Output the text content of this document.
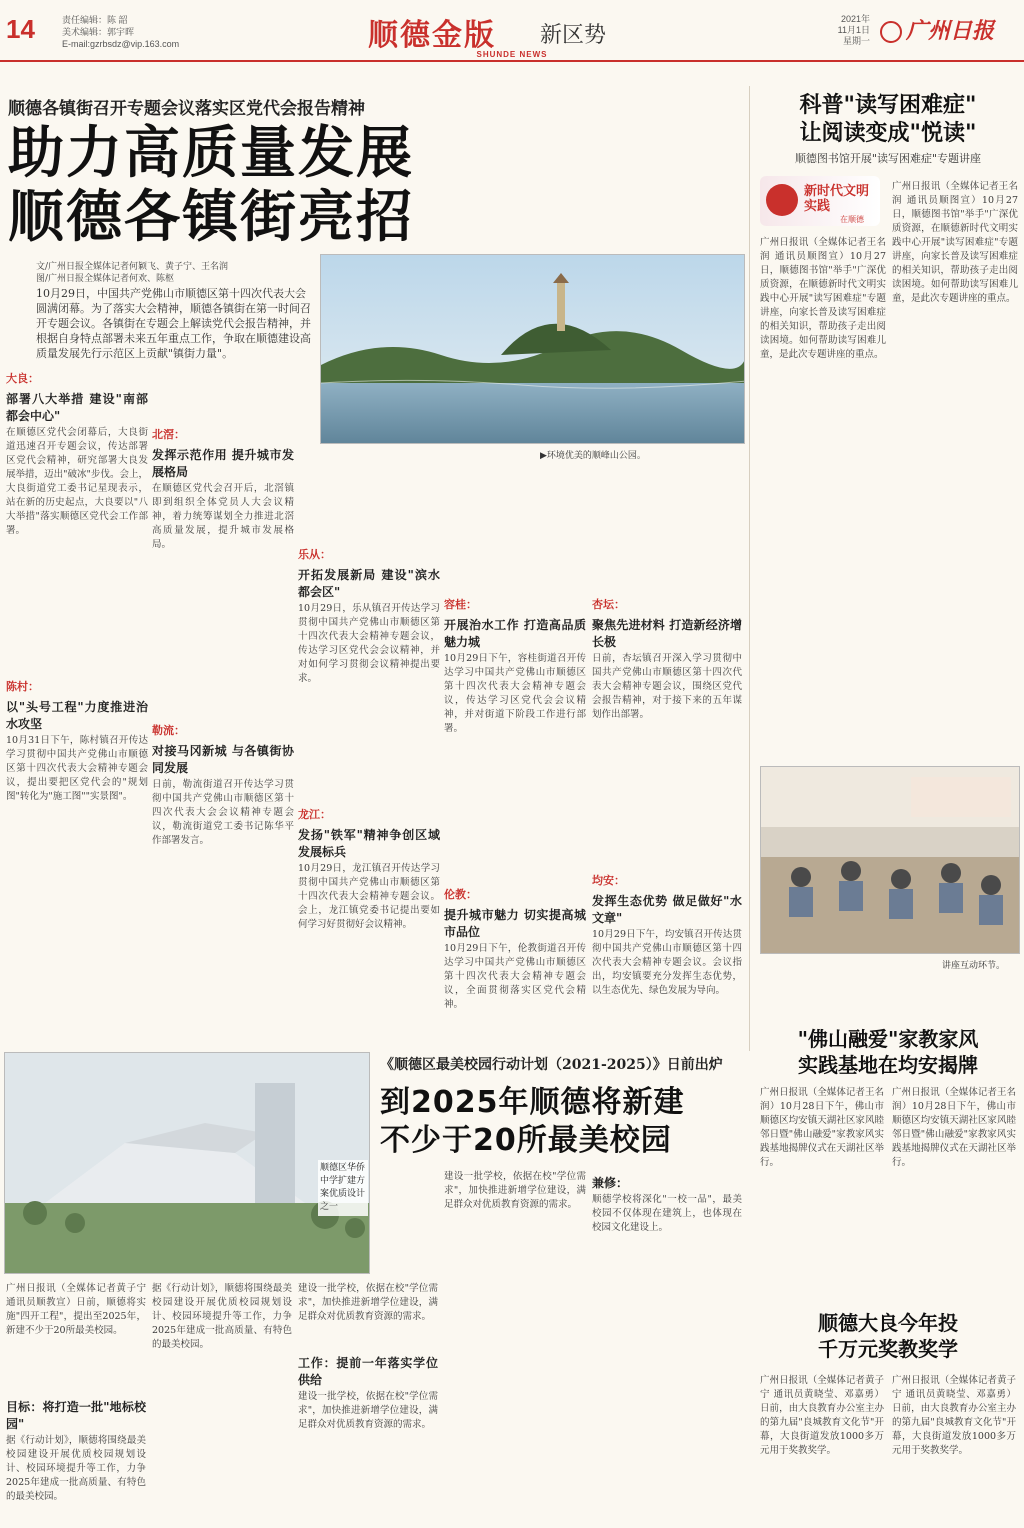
14	责任编辑：陈 韶
美术编辑：郭宇晖
E-mail:gzrbsdz@vip.163.com	顺德金版 新区势
2021年
11月1日
星期一	广州日报
SHUNDE NEWS
顺德各镇街召开专题会议落实区党代会报告精神
助力高质量发展
顺德各镇街亮招
文/广州日报全媒体记者何颖飞、黄子宁、王名润
图/广州日报全媒体记者何欢、陈枢
10月29日，中国共产党佛山市顺德区第十四次代表大会圆满闭幕。为了落实大会精神，顺德各镇街在第一时间召开专题会议。各镇街在专题会上解读党代会报告精神，并根据自身特点部署未来五年重点工作，争取在顺德建设高质量发展先行示范区上贡献"镇街力量"。
▶环境优美的顺峰山公园。
大良：
部署八大举措 建设"南部都会中心"
在顺德区党代会闭幕后，大良街道迅速召开专题会议，传达部署区党代会精神，研究部署大良发展举措，迈出"破冰"步伐。会上，大良街道党工委书记星现表示，站在新的历史起点，大良要以"八大举措"落实顺德区党代会工作部署。
陈村：
以"头号工程"力度推进治水攻坚
10月31日下午，陈村镇召开传达学习贯彻中国共产党佛山市顺德区第十四次代表大会精神专题会议，提出要把区党代会的"规划图"转化为"施工图""实景图"。
北滘：
发挥示范作用 提升城市发展格局
在顺德区党代会召开后，北滘镇即到组织全体党员人大会议精神，着力统筹谋划全力推进北滘高质量发展，提升城市发展格局。
勒流：
对接马冈新城 与各镇街协同发展
日前，勒流街道召开传达学习贯彻中国共产党佛山市顺德区第十四次代表大会会议精神专题会议，勒流街道党工委书记陈华平作部署发言。
乐从：
开拓发展新局 建设"滨水都会区"
10月29日，乐从镇召开传达学习贯彻中国共产党佛山市顺德区第十四次代表大会精神专题会议，传达学习区党代会会议精神，并对如何学习贯彻会议精神提出要求。
龙江：
发扬"铁军"精神争创区域发展标兵
10月29日，龙江镇召开传达学习贯彻中国共产党佛山市顺德区第十四次代表大会精神专题会议。会上，龙江镇党委书记提出要如何学习好贯彻好会议精神。
容桂：
开展治水工作 打造高品质魅力城
10月29日下午，容桂街道召开传达学习中国共产党佛山市顺德区第十四次代表大会精神专题会议，传达学习区党代会会议精神，并对街道下阶段工作进行部署。
伦教：
提升城市魅力 切实提高城市品位
10月29日下午，伦教街道召开传达学习中国共产党佛山市顺德区第十四次代表大会精神专题会议，全面贯彻落实区党代会精神。
杏坛：
聚焦先进材料 打造新经济增长极
日前，杏坛镇召开深入学习贯彻中国共产党佛山市顺德区第十四次代表大会精神专题会议，围绕区党代会报告精神，对于接下来的五年谋划作出部署。
均安：
发挥生态优势 做足做好"水文章"
10月29日下午，均安镇召开传达贯彻中国共产党佛山市顺德区第十四次代表大会精神专题会议。会议指出，均安镇要充分发挥生态优势，以生态优先、绿色发展为导向。
科普"读写困难症"
让阅读变成"悦读"
顺德图书馆开展"读写困难症"专题讲座
新时代文明实践
在顺德
广州日报讯（全媒体记者王名润 通讯员顺图宣）10月27日，顺德图书馆"举手"广深优质资源，在顺德新时代文明实践中心开展"读写困难症"专题讲座，向家长普及读写困难症的相关知识，帮助孩子走出阅读困境。如何帮助读写困难儿童，是此次专题讲座的重点。
广州日报讯（全媒体记者王名润 通讯员顺图宣）10月27日，顺德图书馆"举手"广深优质资源，在顺德新时代文明实践中心开展"读写困难症"专题讲座，向家长普及读写困难症的相关知识，帮助孩子走出阅读困境。如何帮助读写困难儿童，是此次专题讲座的重点。
讲座互动环节。
"佛山融爱"家教家风
实践基地在均安揭牌
广州日报讯（全媒体记者王名润）10月28日下午，佛山市顺德区均安镇天湖社区家风睦邻日暨"佛山融爱"家教家风实践基地揭牌仪式在天湖社区举行。
广州日报讯（全媒体记者王名润）10月28日下午，佛山市顺德区均安镇天湖社区家风睦邻日暨"佛山融爱"家教家风实践基地揭牌仪式在天湖社区举行。
顺德大良今年投
千万元奖教奖学
广州日报讯（全媒体记者黄子宁 通讯员黄晓莹、邓嘉勇）日前，由大良教育办公室主办的第九届"良城教育文化节"开幕，大良街道发放1000多万元用于奖教奖学。
广州日报讯（全媒体记者黄子宁 通讯员黄晓莹、邓嘉勇）日前，由大良教育办公室主办的第九届"良城教育文化节"开幕，大良街道发放1000多万元用于奖教奖学。
顺德区华侨中学扩建方案优质设计之一
《顺德区最美校园行动计划（2021-2025）》日前出炉
到2025年顺德将新建
不少于20所最美校园
广州日报讯（全媒体记者黄子宁 通讯员顺教宣）日前，顺德将实施"四开工程"，提出至2025年，新建不少于20所最美校园。
目标：将打造一批"地标校园"
据《行动计划》，顺德将围绕最美校园建设开展优质校园规划设计、校园环境提升等工作，力争2025年建成一批高质量、有特色的最美校园。
据《行动计划》，顺德将围绕最美校园建设开展优质校园规划设计、校园环境提升等工作，力争2025年建成一批高质量、有特色的最美校园。
建设一批学校，依据在校"学位需求"，加快推进新增学位建设，满足群众对优质教育资源的需求。
工作：提前一年落实学位供给
建设一批学校，依据在校"学位需求"，加快推进新增学位建设，满足群众对优质教育资源的需求。
建设一批学校，依据在校"学位需求"，加快推进新增学位建设，满足群众对优质教育资源的需求。
兼修：
顺德学校将深化"一校一品"，最美校园不仅体现在建筑上，也体现在校园文化建设上。
